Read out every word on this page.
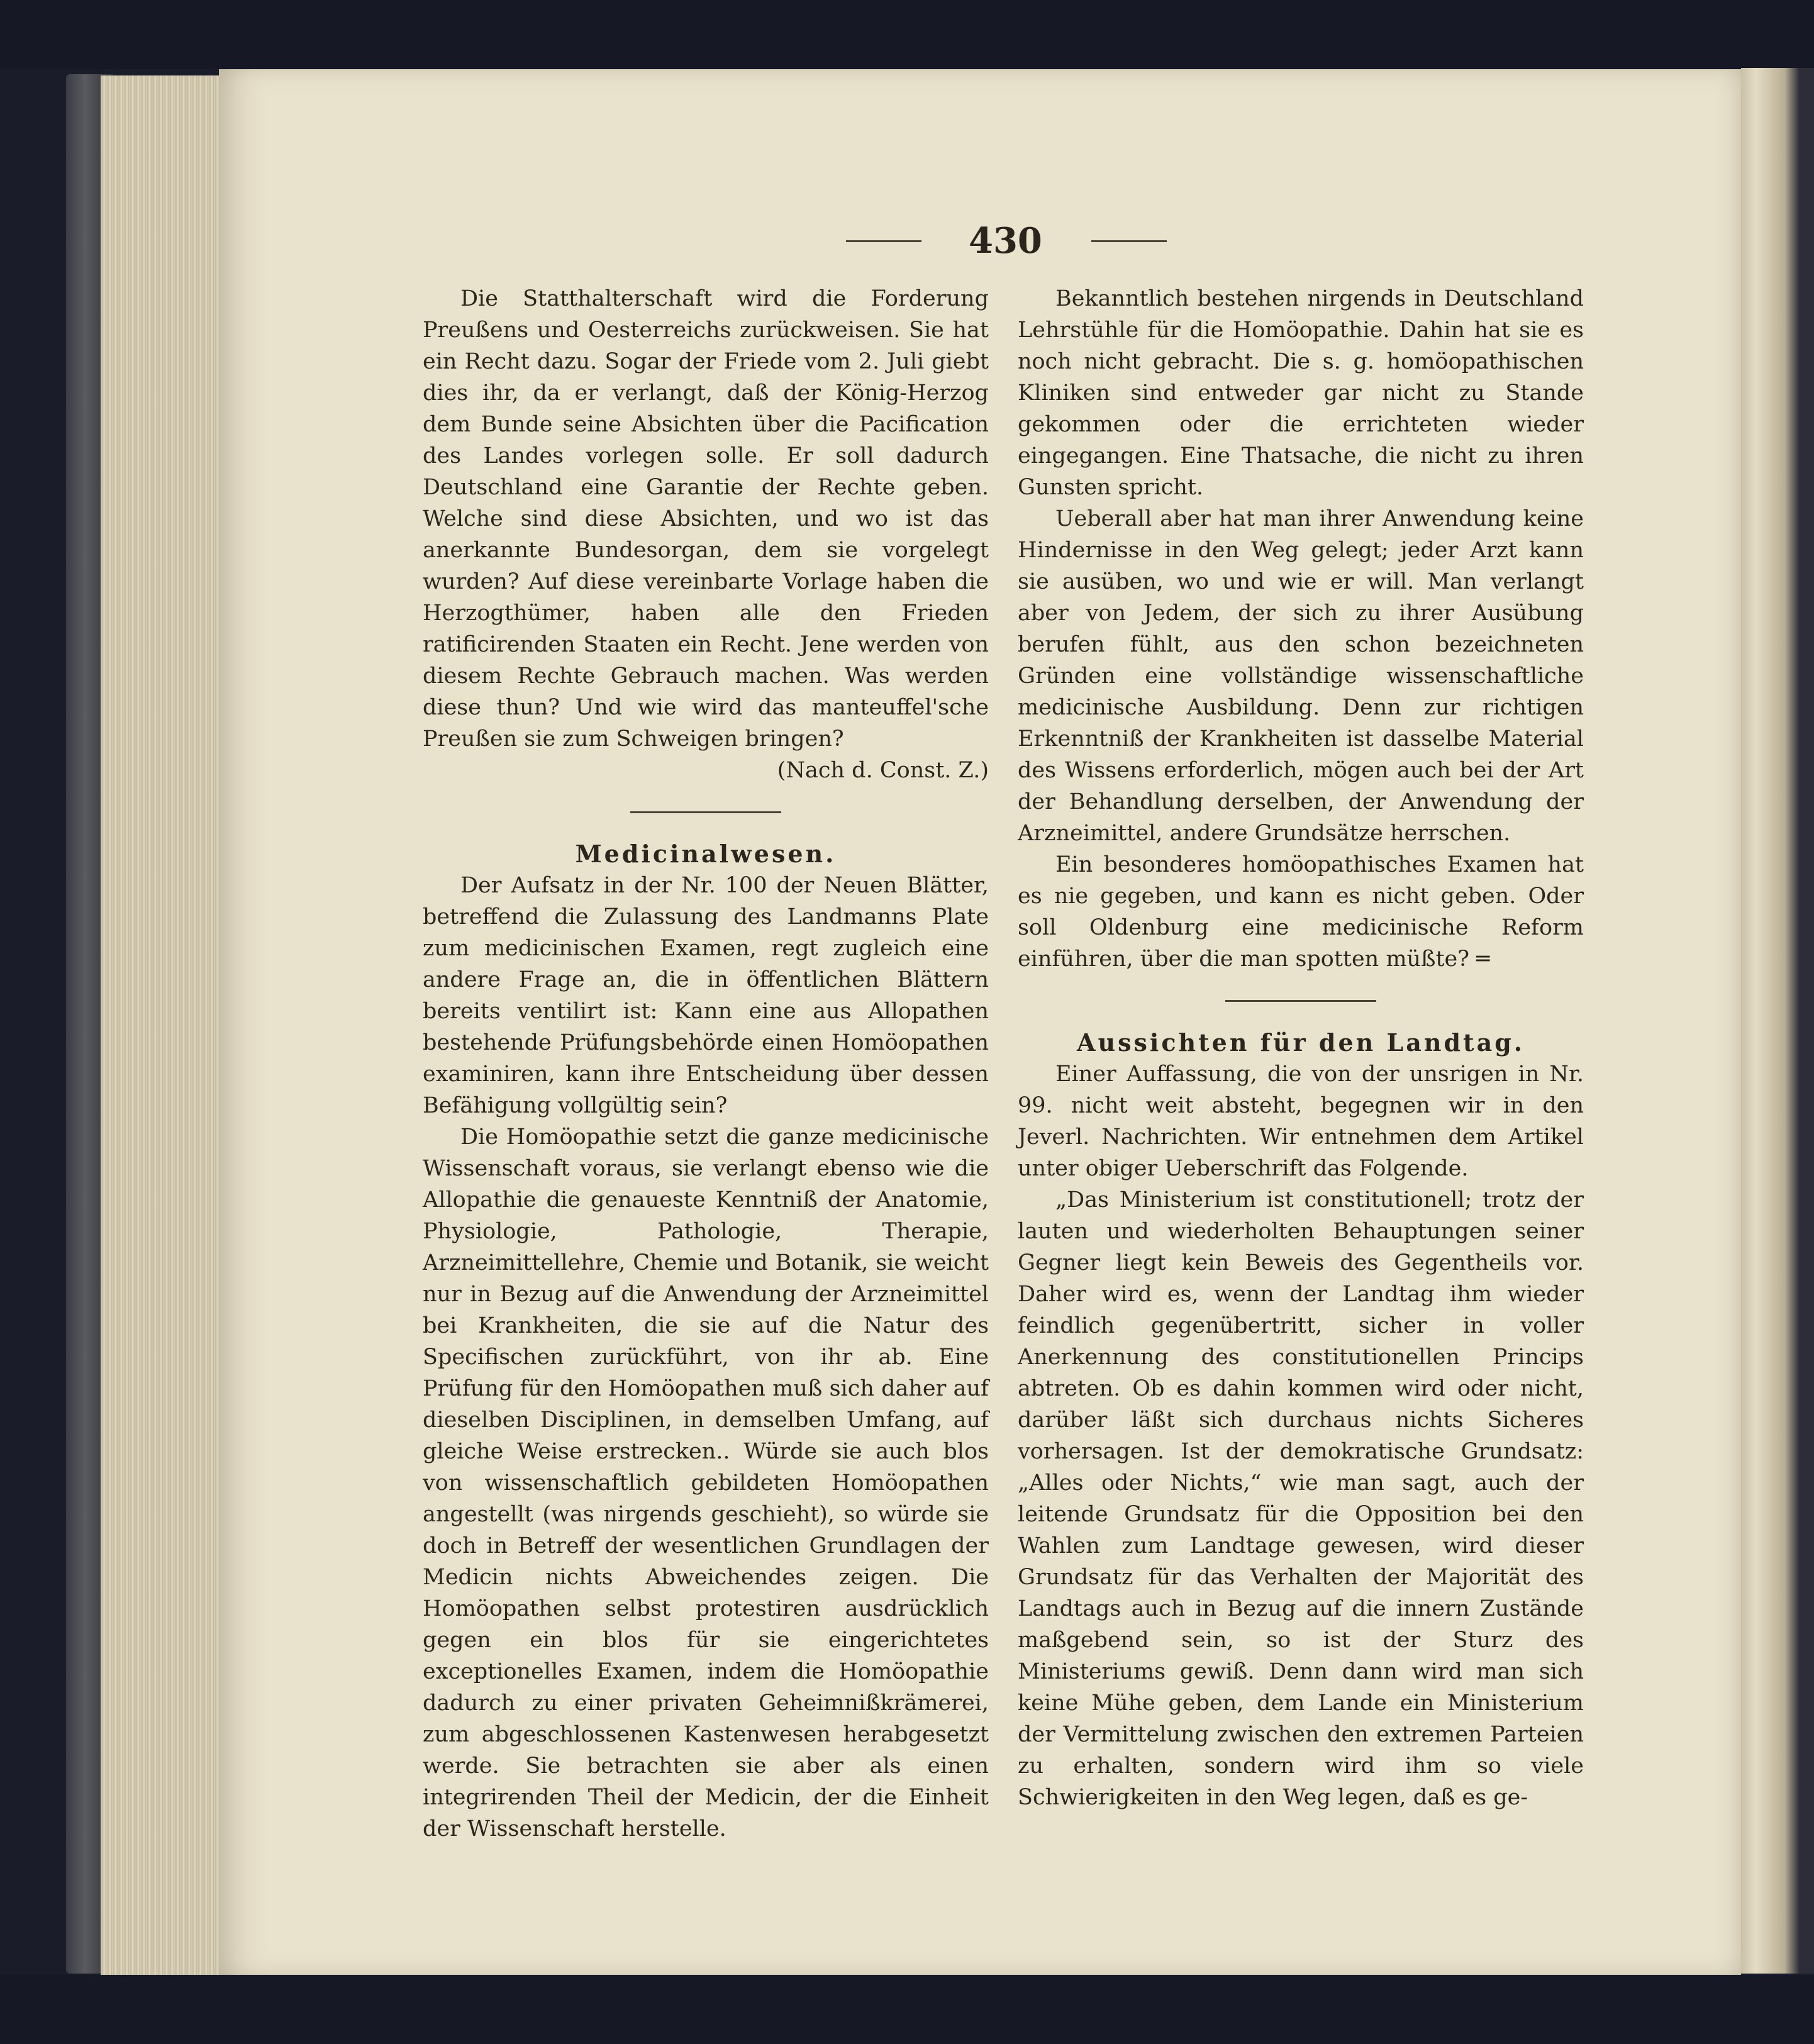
430

Die Statthalterschaft wird die Forderung Preußens und Oesterreichs zurückweisen. Sie hat ein Recht dazu. Sogar der Friede vom 2. Juli giebt dies ihr, da er verlangt, daß der König-Herzog dem Bunde seine Absichten über die Pacification des Landes vorlegen solle. Er soll dadurch Deutschland eine Garantie der Rechte geben. Welche sind diese Absichten, und wo ist das anerkannte Bundesorgan, dem sie vorgelegt wurden? Auf diese vereinbarte Vorlage haben die Herzogthümer, haben alle den Frieden ratificirenden Staaten ein Recht. Jene werden von diesem Rechte Gebrauch machen. Was werden diese thun? Und wie wird das manteuffel'sche Preußen sie zum Schweigen bringen?

(Nach d. Const. Z.)

Medicinalwesen.

Der Aufsatz in der Nr. 100 der Neuen Blätter, betreffend die Zulassung des Landmanns Plate zum medicinischen Examen, regt zugleich eine andere Frage an, die in öffentlichen Blättern bereits ventilirt ist: Kann eine aus Allopathen bestehende Prüfungsbehörde einen Homöopathen examiniren, kann ihre Entscheidung über dessen Befähigung vollgültig sein?

Die Homöopathie setzt die ganze medicinische Wissenschaft voraus, sie verlangt ebenso wie die Allopathie die genaueste Kenntniß der Anatomie, Physiologie, Pathologie, Therapie, Arzneimittellehre, Chemie und Botanik, sie weicht nur in Bezug auf die Anwendung der Arzneimittel bei Krankheiten, die sie auf die Natur des Specifischen zurückführt, von ihr ab. Eine Prüfung für den Homöopathen muß sich daher auf dieselben Disciplinen, in demselben Umfang, auf gleiche Weise erstrecken.. Würde sie auch blos von wissenschaftlich gebildeten Homöopathen angestellt (was nirgends geschieht), so würde sie doch in Betreff der wesentlichen Grundlagen der Medicin nichts Abweichendes zeigen. Die Homöopathen selbst protestiren ausdrücklich gegen ein blos für sie eingerichtetes exceptionelles Examen, indem die Homöopathie dadurch zu einer privaten Geheimnißkrämerei, zum abgeschlossenen Kastenwesen herabgesetzt werde. Sie betrachten sie aber als einen integrirenden Theil der Medicin, der die Einheit der Wissenschaft herstelle.

Bekanntlich bestehen nirgends in Deutschland Lehrstühle für die Homöopathie. Dahin hat sie es noch nicht gebracht. Die s. g. homöopathischen Kliniken sind entweder gar nicht zu Stande gekommen oder die errichteten wieder eingegangen. Eine Thatsache, die nicht zu ihren Gunsten spricht.

Ueberall aber hat man ihrer Anwendung keine Hindernisse in den Weg gelegt; jeder Arzt kann sie ausüben, wo und wie er will. Man verlangt aber von Jedem, der sich zu ihrer Ausübung berufen fühlt, aus den schon bezeichneten Gründen eine vollständige wissenschaftliche medicinische Ausbildung. Denn zur richtigen Erkenntniß der Krankheiten ist dasselbe Material des Wissens erforderlich, mögen auch bei der Art der Behandlung derselben, der Anwendung der Arzneimittel, andere Grundsätze herrschen.

Ein besonderes homöopathisches Examen hat es nie gegeben, und kann es nicht geben. Oder soll Oldenburg eine medicinische Reform einführen, über die man spotten müßte? ═

Aussichten für den Landtag.

Einer Auffassung, die von der unsrigen in Nr. 99. nicht weit absteht, begegnen wir in den Jeverl. Nachrichten. Wir entnehmen dem Artikel unter obiger Ueberschrift das Folgende.

„Das Ministerium ist constitutionell; trotz der lauten und wiederholten Behauptungen seiner Gegner liegt kein Beweis des Gegentheils vor. Daher wird es, wenn der Landtag ihm wieder feindlich gegenübertritt, sicher in voller Anerkennung des constitutionellen Princips abtreten. Ob es dahin kommen wird oder nicht, darüber läßt sich durchaus nichts Sicheres vorhersagen. Ist der demokratische Grundsatz: „Alles oder Nichts,“ wie man sagt, auch der leitende Grundsatz für die Opposition bei den Wahlen zum Landtage gewesen, wird dieser Grundsatz für das Verhalten der Majorität des Landtags auch in Bezug auf die innern Zustände maßgebend sein, so ist der Sturz des Ministeriums gewiß. Denn dann wird man sich keine Mühe geben, dem Lande ein Ministerium der Vermittelung zwischen den extremen Parteien zu erhalten, sondern wird ihm so viele Schwierigkeiten in den Weg legen, daß es ge-
